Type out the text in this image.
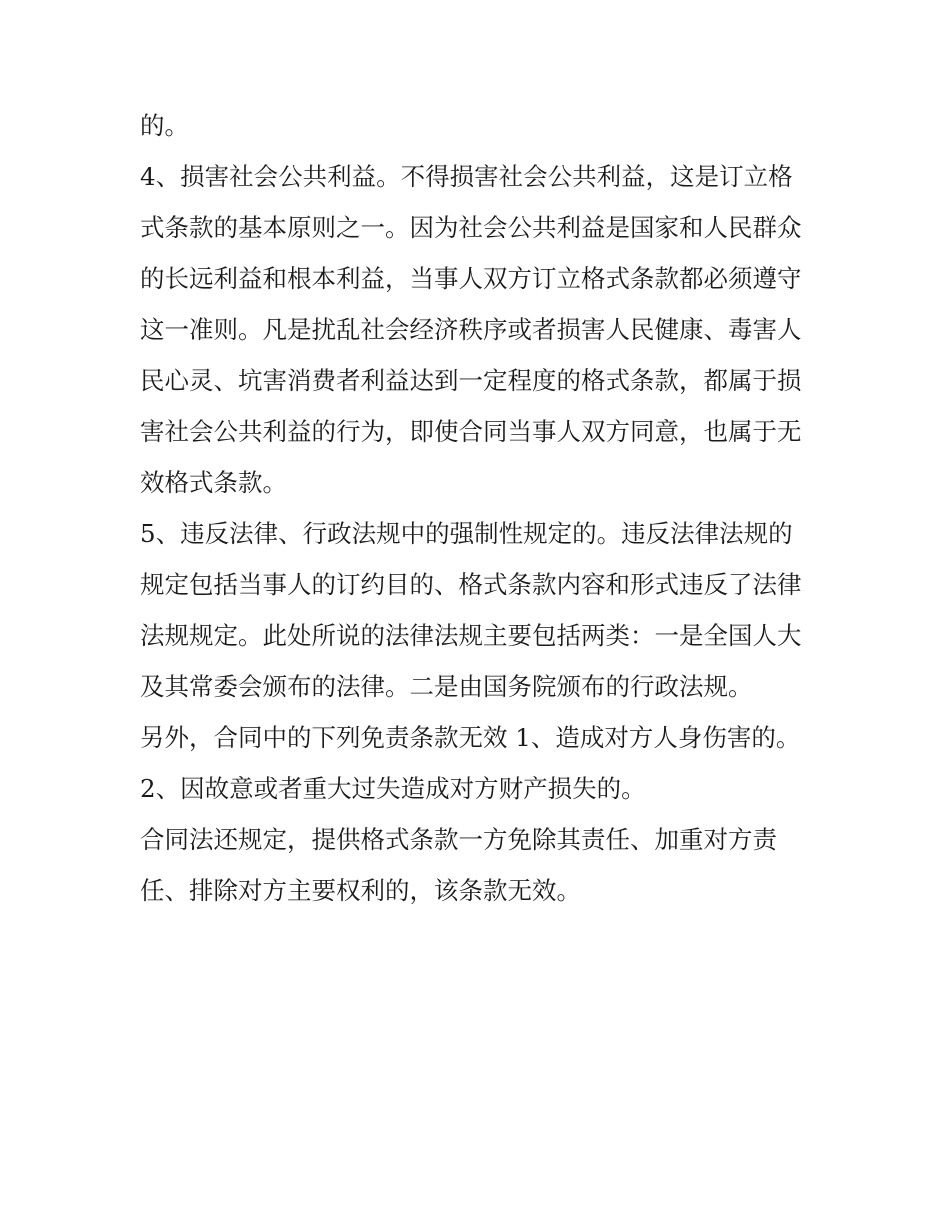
的。
4、损害社会公共利益。不得损害社会公共利益，这是订立格
式条款的基本原则之一。因为社会公共利益是国家和人民群众
的长远利益和根本利益，当事人双方订立格式条款都必须遵守
这一准则。凡是扰乱社会经济秩序或者损害人民健康、毒害人
民心灵、坑害消费者利益达到一定程度的格式条款，都属于损
害社会公共利益的行为，即使合同当事人双方同意，也属于无
效格式条款。
5、违反法律、行政法规中的强制性规定的。违反法律法规的
规定包括当事人的订约目的、格式条款内容和形式违反了法律
法规规定。此处所说的法律法规主要包括两类：一是全国人大
及其常委会颁布的法律。二是由国务院颁布的行政法规。
另外，合同中的下列免责条款无效 1、造成对方人身伤害的。
2、因故意或者重大过失造成对方财产损失的。
合同法还规定，提供格式条款一方免除其责任、加重对方责
任、排除对方主要权利的，该条款无效。
